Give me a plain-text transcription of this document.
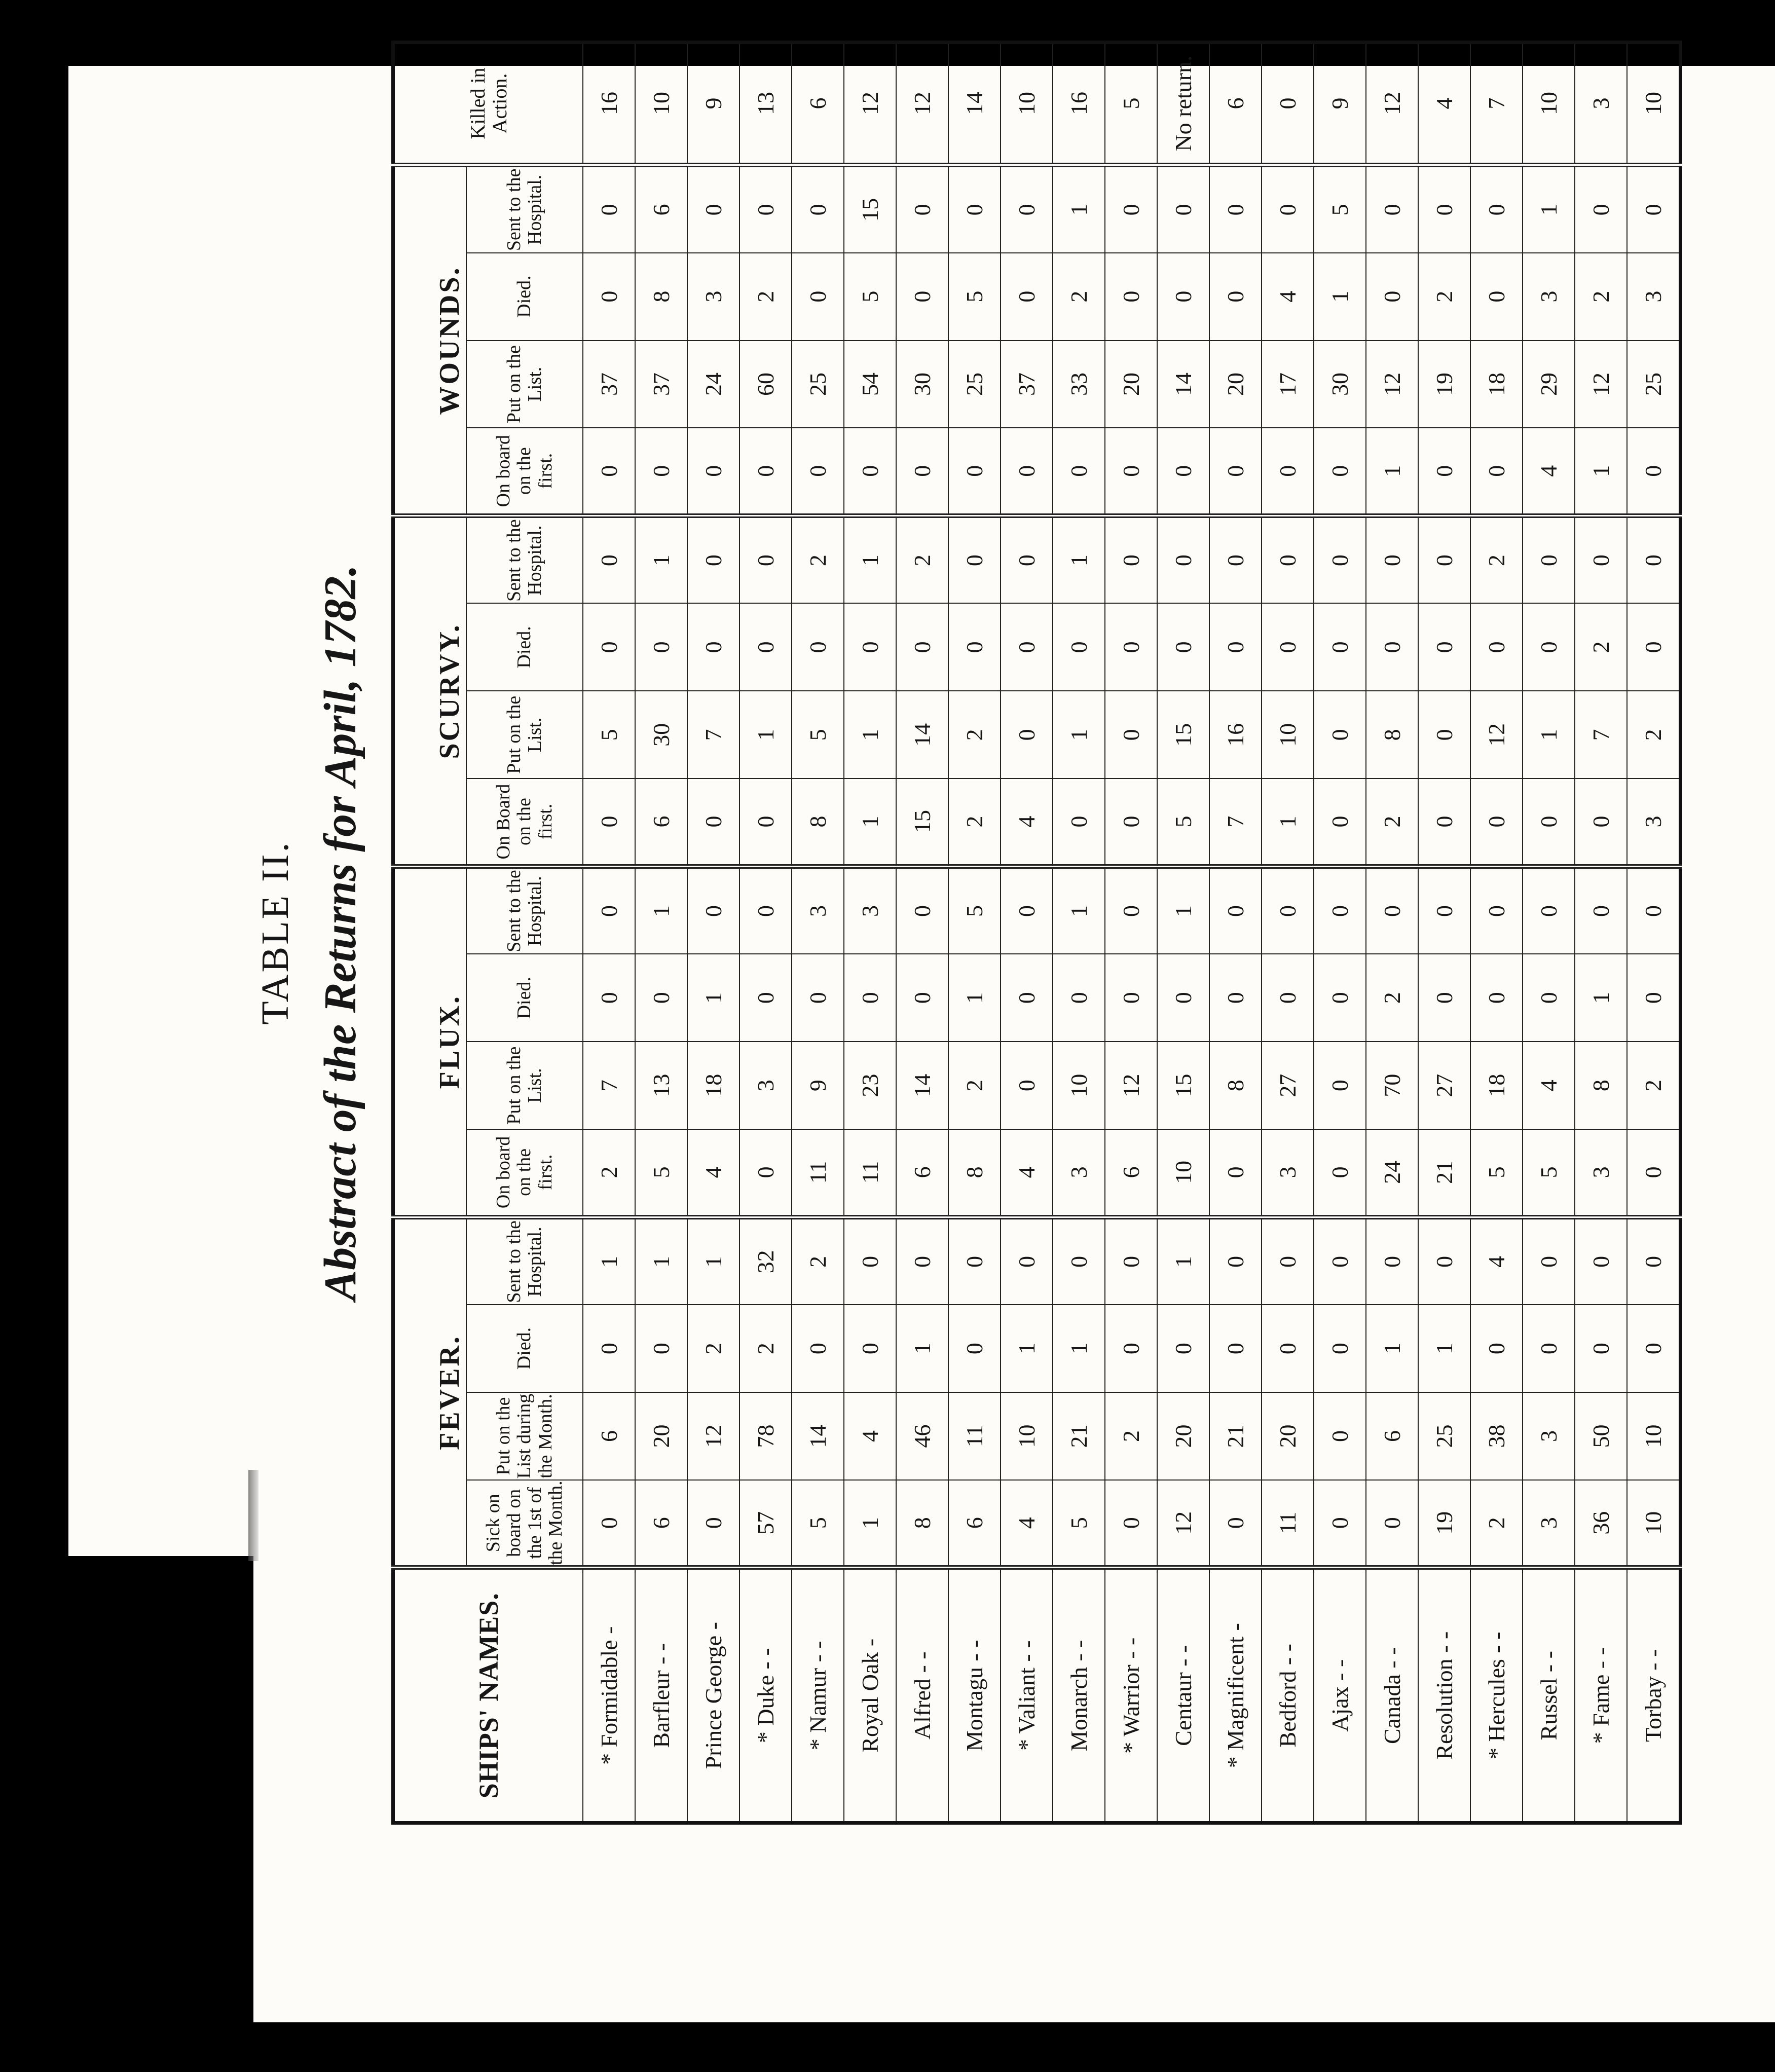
TABLE II. Abstract of the Returns for April, 1782.
SHIPS' NAMES.	FEVER.				FLUX.				SCURVY.				WOUNDS.				Killed in Action.
	Sick on board on the 1st of the Month.	Put on the List during the Month.	Died.	Sent to the Hospital.	On board on the first.	Put on the List.	Died.	Sent to the Hospital.	On Board on the first.	Put on the List.	Died.	Sent to the Hospital.	On board on the first.	Put on the List.	Died.	Sent to the Hospital.	
* Formidable -	0	6	0	1	2	7	0	0	0	5	0	0	0	37	0	0	16
Barfleur - -	6	20	0	1	5	13	0	1	6	30	0	1	0	37	8	6	10
Prince George -	0	12	2	1	4	18	1	0	0	7	0	0	0	24	3	0	9
* Duke - -	57	78	2	32	0	3	0	0	0	1	0	0	0	60	2	0	13
* Namur - -	5	14	0	2	11	9	0	3	8	5	0	2	0	25	0	0	6
Royal Oak -	1	4	0	0	11	23	0	3	1	1	0	1	0	54	5	15	12
Alfred - -	8	46	1	0	6	14	0	0	15	14	0	2	0	30	0	0	12
Montagu - -	6	11	0	0	8	2	1	5	2	2	0	0	0	25	5	0	14
* Valiant - -	4	10	1	0	4	0	0	0	4	0	0	0	0	37	0	0	10
Monarch - -	5	21	1	0	3	10	0	1	0	1	0	1	0	33	2	1	16
* Warrior - -	0	2	0	0	6	12	0	0	0	0	0	0	0	20	0	0	5
Centaur - -	12	20	0	1	10	15	0	1	5	15	0	0	0	14	0	0	No return.
* Magnificent -	0	21	0	0	0	8	0	0	7	16	0	0	0	20	0	0	6
Bedford - -	11	20	0	0	3	27	0	0	1	10	0	0	0	17	4	0	0
Ajax - -	0	0	0	0	0	0	0	0	0	0	0	0	0	30	1	5	9
Canada - -	0	6	1	0	24	70	2	0	2	8	0	0	1	12	0	0	12
Resolution - -	19	25	1	0	21	27	0	0	0	0	0	0	0	19	2	0	4
* Hercules - -	2	38	0	4	5	18	0	0	0	12	0	2	0	18	0	0	7
Russel - -	3	3	0	0	5	4	0	0	0	1	0	0	4	29	3	1	10
* Fame - -	36	50	0	0	3	8	1	0	0	7	2	0	1	12	2	0	3
Torbay - -	10	10	0	0	0	2	0	0	3	2	0	0	0	25	3	0	10
